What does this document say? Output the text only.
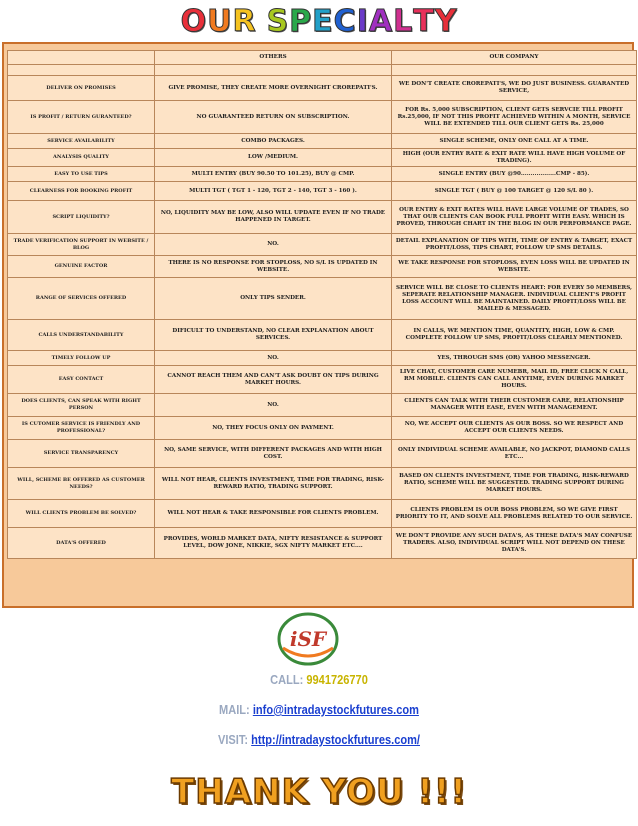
OUR SPECIALTY
	OTHERS	OUR COMPANY

DELIVER ON PROMISES	GIVE PROMISE, THEY CREATE MORE OVERNIGHT CROREPATI'S.	WE DON'T CREATE CROREPATI'S, WE DO JUST BUSINESS. GUARANTED SERVICE,
IS PROFIT / RETURN GURANTEED?	NO GUARANTEED RETURN ON SUBSCRIPTION.	FOR Rs. 5,000 SUBSCRIPTION, CLIENT GETS SERVCIE TILL PROFIT Rs.25,000, IF NOT THIS PROFIT ACHIEVED WITHIN A MONTH, SERVICE WILL BE EXTENDED TILL OUR CLIENT GETS Rs. 25,000
SERVICE AVAILABILITY	COMBO PACKAGES.	SINGLE SCHEME, ONLY ONE CALL AT A TIME.
ANALYSIS QUALITY	LOW /MEDIUM.	HIGH (OUR ENTRY RATE & EXIT RATE WILL HAVE HIGH VOLUME OF TRADING).
EASY TO USE TIPS	MULTI ENTRY (BUY 90.50 TO 101.25), BUY @ CMP.	SINGLE ENTRY (BUY @90..................CMP - 85).
CLEARNESS FOR BOOKING PROFIT	MULTI TGT ( TGT 1 - 120, TGT 2 - 140, TGT 3 - 160 ).	SINGLE TGT ( BUY @ 100 TARGET @ 120 S/L 80 ).
SCRIPT LIQUIDITY?	NO, LIQUIDITY MAY BE LOW, ALSO WILL UPDATE EVEN IF NO TRADE HAPPENED IN TARGET.	OUR ENTRY & EXIT RATES WILL HAVE LARGE VOLUME OF TRADES, SO THAT OUR CLIENTS CAN BOOK FULL PROFIT WITH EASY. WHICH IS PROVED, THROUGH CHART IN THE BLOG IN OUR PERFORMANCE PAGE.
TRADE VERIFICATION SUPPORT IN WEBSITE / BLOG	NO.	DETAIL EXPLANATION OF TIPS WITH, TIME OF ENTRY & TARGET, EXACT PROFIT/LOSS, TIPS CHART, FOLLOW UP SMS DETAILS.
GENUINE FACTOR	THERE IS NO RESPONSE FOR STOPLOSS, NO S/L IS UPDATED IN WEBSITE.	WE TAKE RESPONSE FOR STOPLOSS, EVEN LOSS WILL BE UPDATED IN WEBSITE.
RANGE OF SERVICES OFFERED	ONLY TIPS SENDER.	SERVICE WILL BE CLOSE TO CLIENTS HEART: FOR EVERY 50 MEMBERS, SEPERATE RELATIONSHIP MANAGER. INDIVIDUAL CLIENT'S PROFIT LOSS ACCOUNT WILL BE MAINTAINED. DAILY PROFIT/LOSS WILL BE MAILED & MESSAGED.
CALLS UNDERSTANDABILITY	DIFICULT TO UNDERSTAND, NO CLEAR EXPLANATION ABOUT SERVICES.	IN CALLS, WE MENTION TIME, QUANTITY, HIGH, LOW & CMP. COMPLETE FOLLOW UP SMS, PROFIT/LOSS CLEARLY MENTIONED.
TIMELY FOLLOW UP	NO.	YES, THROUGH SMS (OR) YAHOO MESSENGER.
EASY CONTACT	CANNOT REACH THEM AND CAN'T ASK DOUBT ON TIPS DURING MARKET HOURS.	LIVE CHAT, CUSTOMER CARE NUMEBR, MAIL ID, FREE CLICK N CALL, RM MOBILE. CLIENTS CAN CALL ANYTIME, EVEN DURING MARKET HOURS.
DOES CLIENTS, CAN SPEAK WITH RIGHT PERSON	NO.	CLIENTS CAN TALK WITH THEIR CUSTOMER CARE, RELATIONSHIP MANAGER WITH EASE, EVEN WITH MANAGEMENT.
IS CUTOMER SERVICE IS FRIENDLY AND PROFESSIONAL?	NO, THEY FOCUS ONLY ON PAYMENT.	NO, WE ACCEPT OUR CLIENTS AS OUR BOSS. SO WE RESPECT AND ACCEPT OUR CLIENTS NEEDS.
SERVICE TRANSPARENCY	NO, SAME SERVICE, WITH DIFFERENT PACKAGES AND WITH HIGH COST.	ONLY INDIVIDUAL SCHEME AVAILABLE, NO JACKPOT, DIAMOND CALLS ETC...
WILL, SCHEME BE OFFERED AS CUSTOMER NEEDS?	WILL NOT HEAR, CLIENTS INVESTMENT, TIME FOR TRADING, RISK-REWARD RATIO, TRADING SUPPORT.	BASED ON CLIENTS INVESTMENT, TIME FOR TRADING, RISK-REWARD RATIO, SCHEME WILL BE SUGGESTED. TRADING SUPPORT DURING MARKET HOURS.
WILL CLIENTS PROBLEM BE SOLVED?	WILL NOT HEAR & TAKE RESPONSIBLE FOR CLIENTS PROBLEM.	CLIENTS PROBLEM IS OUR BOSS PROBLEM, SO WE GIVE FIRST PRIORITY TO IT, AND SOLVE ALL PROBLEMS RELATED TO OUR SERVICE.
DATA'S OFFERED	PROVIDES, WORLD MARKET DATA, NIFTY RESISTANCE & SUPPORT LEVEL, DOW JONE, NIKKIE, SGX NIFTY MARKET ETC....	WE DON'T PROVIDE ANY SUCH DATA'S, AS THESE DATA'S MAY CONFUSE TRADERS. ALSO, INDIVIDUAL SCRIPT WILL NOT DEPEND ON THESE DATA'S.
iSF
CALL: 9941726770
MAIL: info@intradaystockfutures.com
VISIT: http://intradaystockfutures.com/
THANK YOU !!!
